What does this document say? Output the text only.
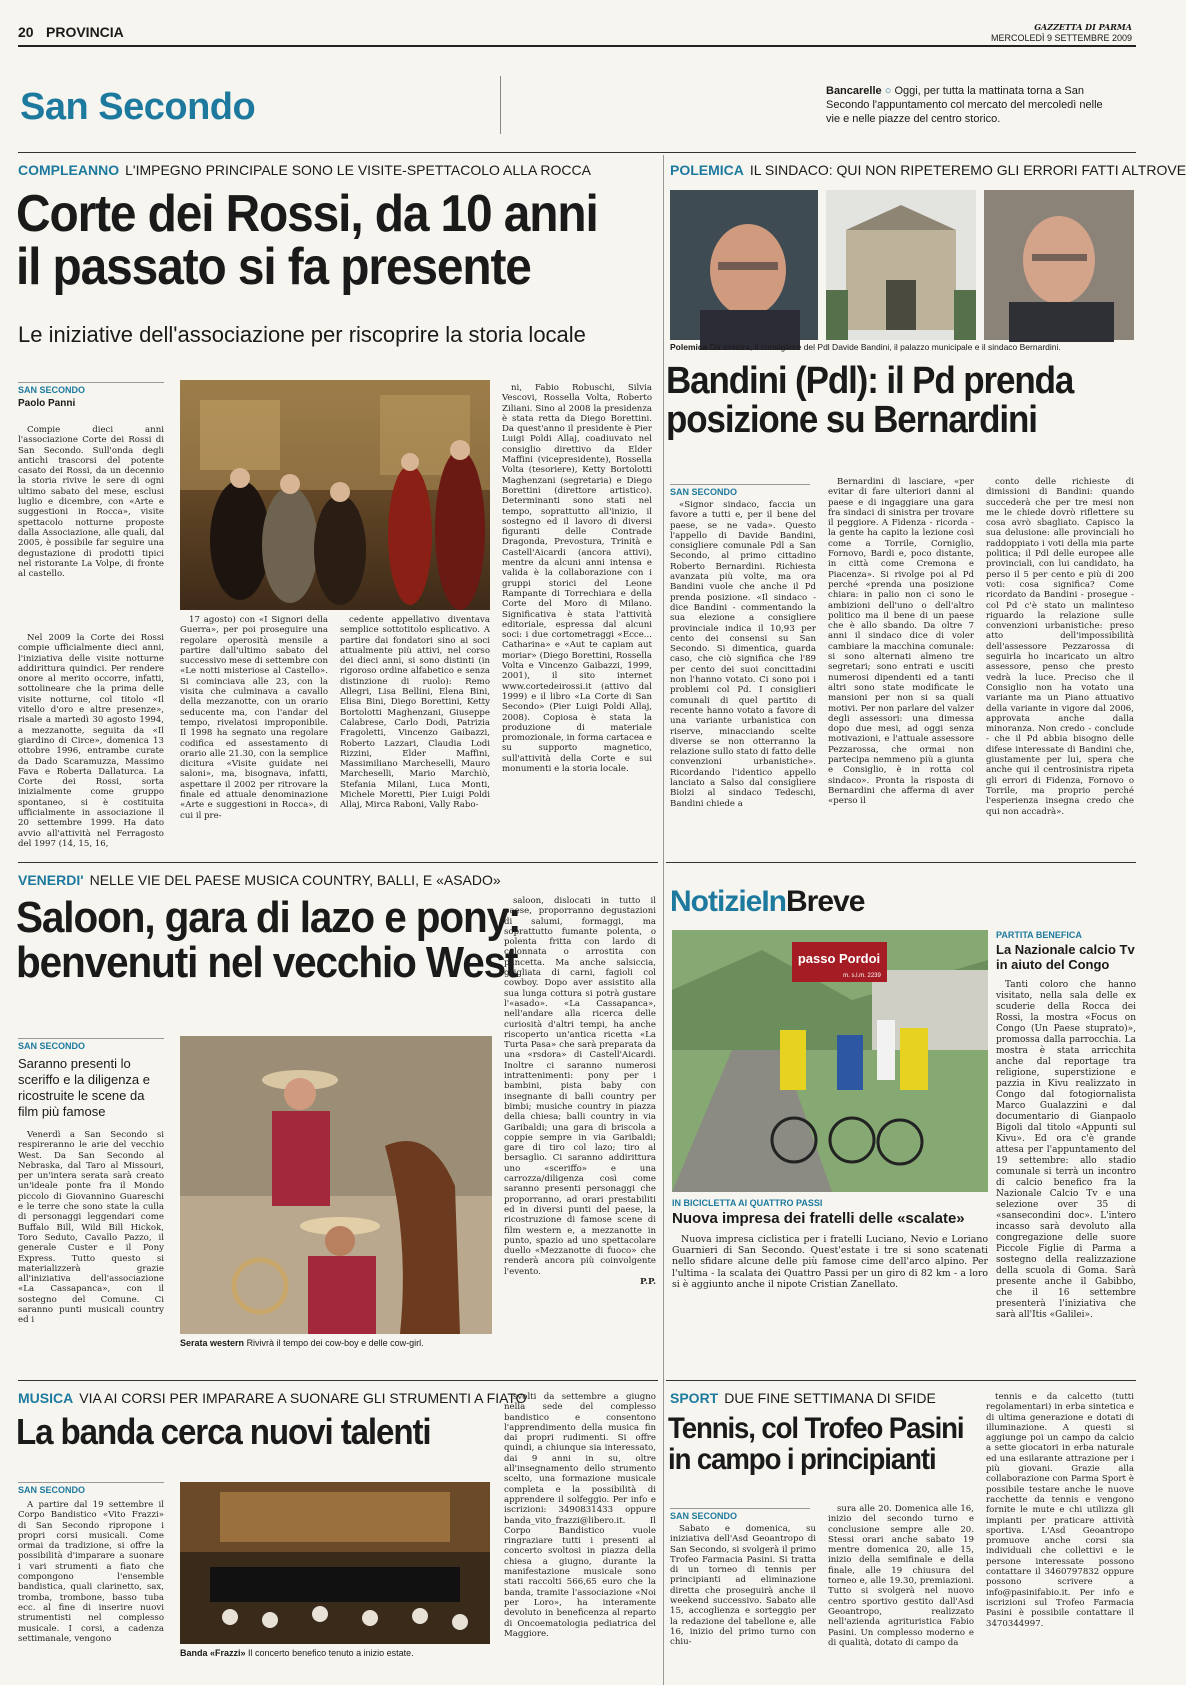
20 PROVINCIA	GAZZETTA DI PARMA
MERCOLEDÌ 9 SETTEMBRE 2009
San Secondo	Bancarelle ○ Oggi, per tutta la mattinata torna a San Secondo l'appuntamento col mercato del mercoledì nelle vie e nelle piazze del centro storico.
COMPLEANNO L'IMPEGNO PRINCIPALE SONO LE VISITE-SPETTACOLO ALLA ROCCA
Corte dei Rossi, da 10 anni
il passato si fa presente
Le iniziative dell'associazione per riscoprire la storia locale
SAN SECONDO
Paolo Panni

Compie dieci anni l'associazione Corte dei Rossi di San Secondo. Sull'onda degli antichi trascorsi del potente casato dei Rossi, da un decennio la storia rivive le sere di ogni ultimo sabato del mese, esclusi luglio e dicembre, con «Arte e suggestioni in Rocca», visite spettacolo notturne proposte dalla Associazione, alle quali, dal 2005, è possibile far seguire una degustazione di prodotti tipici nel ristorante La Volpe, di fronte al castello.

Nel 2009 la Corte dei Rossi compie ufficialmente dieci anni, l'iniziativa delle visite notturne addirittura quindici. Per rendere onore al merito occorre, infatti, sottolineare che la prima delle visite notturne, col titolo «Il vitello d'oro e altre presenze», risale a martedì 30 agosto 1994, a mezzanotte, seguita da «Il giardino di Circe», domenica 13 ottobre 1996, entrambe curate da Dado Scaramuzza, Massimo Fava e Roberta Dallaturca. La Corte dei Rossi, sorta inizialmente come gruppo spontaneo, si è costituita ufficialmente in associazione il 20 settembre 1999. Ha dato avvio all'attività nel Ferragosto del 1997 (14, 15, 16,

17 agosto) con «I Signori della Guerra», per poi proseguire una regolare operosità mensile a partire dall'ultimo sabato del successivo mese di settembre con «Le notti misteriose al Castello». Si cominciava alle 23, con la visita che culminava a cavallo della mezzanotte, con un orario seducente ma, con l'andar del tempo, rivelatosi improponibile. Il 1998 ha segnato una regolare codifica ed assestamento di orario alle 21.30, con la semplice dicitura «Visite guidate nei saloni», ma, bisognava, infatti, aspettare il 2002 per ritrovare la finale ed attuale denominazione «Arte e suggestioni in Rocca», di cui il pre-

cedente appellativo diventava semplice sottotitolo esplicativo. A partire dai fondatori sino ai soci attualmente più attivi, nel corso dei dieci anni, si sono distinti (in rigoroso ordine alfabetico e senza distinzione di ruolo): Remo Allegri, Lisa Bellini, Elena Bini, Elisa Bini, Diego Borettini, Ketty Bortolotti Maghenzani, Giuseppe Calabrese, Carlo Dodi, Patrizia Fragoletti, Vincenzo Gaibazzi, Roberto Lazzari, Claudia Lodi Rizzini, Elder Maffini, Massimiliano Marcheselli, Mauro Marcheselli, Mario Marchiò, Stefania Milani, Luca Monti, Michele Moretti, Pier Luigi Poldi Allaj, Mirca Raboni, Vally Rabo-

ni, Fabio Robuschi, Silvia Vescovi, Rossella Volta, Roberto Ziliani. Sino al 2008 la presidenza è stata retta da Diego Borettini. Da quest'anno il presidente è Pier Luigi Poldi Allaj, coadiuvato nel consiglio direttivo da Elder Maffini (vicepresidente), Rossella Volta (tesoriere), Ketty Bortolotti Maghenzani (segretaria) e Diego Borettini (direttore artistico). Determinanti sono stati nel tempo, soprattutto all'inizio, il sostegno ed il lavoro di diversi figuranti delle Contrade Dragonda, Prevostura, Trinità e Castell'Aicardi (ancora attivi), mentre da alcuni anni intensa e valida è la collaborazione con i gruppi storici del Leone Rampante di Torrechiara e della Corte del Moro di Milano. Significativa è stata l'attività editoriale, espressa dal alcuni soci: i due cortometraggi «Ecce... Catharina» e «Aut te capiam aut moriar» (Diego Borettini, Rossella Volta e Vincenzo Gaibazzi, 1999, 2001), il sito internet www.cortedeirossi.it (attivo dal 1999) e il libro «La Corte di San Secondo» (Pier Luigi Poldi Allaj, 2008). Copiosa è stata la produzione di materiale promozionale, in forma cartacea e su supporto magnetico, sull'attività della Corte e sui monumenti e la storia locale.

POLEMICA IL SINDACO: QUI NON RIPETEREMO GLI ERRORI FATTI ALTROVE
Polemica Da sinistra, il consigliere del Pdl Davide Bandini, il palazzo municipale e il sindaco Bernardini.
Bandini (Pdl): il Pd prenda
posizione su Bernardini
SAN SECONDO

«Signor sindaco, faccia un favore a tutti e, per il bene del paese, se ne vada». Questo l'appello di Davide Bandini, consigliere comunale Pdl a San Secondo, al primo cittadino Roberto Bernardini. Richiesta avanzata più volte, ma ora Bandini vuole che anche il Pd prenda posizione. «Il sindaco - dice Bandini - commentando la sua elezione a consigliere provinciale indica il 10,93 per cento dei consensi su San Secondo. Si dimentica, guarda caso, che ciò significa che l'89 per cento dei suoi concittadini non l'hanno votato. Ci sono poi i problemi col Pd. I consiglieri comunali di quel partito di recente hanno votato a favore di una variante urbanistica con riserve, minacciando scelte diverse se non otterranno la relazione sullo stato di fatto delle convenzioni urbanistiche». Ricordando l'identico appello lanciato a Salso dal consigliere Biolzi al sindaco Tedeschi, Bandini chiede a

Bernardini di lasciare, «per evitar di fare ulteriori danni al paese e di ingaggiare una gara fra sindaci di sinistra per trovare il peggiore. A Fidenza - ricorda - la gente ha capito la lezione così come a Torrile, Corniglio, Fornovo, Bardi e, poco distante, in città come Cremona e Piacenza». Si rivolge poi al Pd perché «prenda una posizione chiara: in palio non ci sono le ambizioni dell'uno o dell'altro politico ma il bene di un paese che è allo sbando. Da oltre 7 anni il sindaco dice di voler cambiare la macchina comunale: si sono alternati almeno tre segretari; sono entrati e usciti numerosi dipendenti ed a tanti altri sono state modificate le mansioni per non si sa quali motivi. Per non parlare del valzer degli assessori: una dimessa dopo due mesi, ad oggi senza motivazioni, e l'attuale assessore Pezzarossa, che ormai non partecipa nemmeno più a giunta e Consiglio, è in rotta col sindaco». Pronta la risposta di Bernardini che afferma di aver «perso il

conto delle richieste di dimissioni di Bandini: quando succederà che per tre mesi non me le chiede dovrò riflettere su cosa avrò sbagliato. Capisco la sua delusione: alle provinciali ho raddoppiato i voti della mia parte politica; il Pdl delle europee alle provinciali, con lui candidato, ha perso il 5 per cento e più di 200 voti: cosa significa? Come ricordato da Bandini - prosegue - col Pd c'è stato un malinteso riguardo la relazione sulle convenzioni urbanistiche: preso atto dell'impossibilità dell'assessore Pezzarossa di seguirla ho incaricato un altro assessore, penso che presto vedrà la luce. Preciso che il Consiglio non ha votato una variante ma un Piano attuativo della variante in vigore dal 2006, approvata anche dalla minoranza. Non credo - conclude - che il Pd abbia bisogno delle difese interessate di Bandini che, giustamente per lui, spera che anche qui il centrosinistra ripeta gli errori di Fidenza, Fornovo o Torrile, ma proprio perché l'esperienza insegna credo che qui non accadrà».

VENERDI' NELLE VIE DEL PAESE MUSICA COUNTRY, BALLI, E «ASADO»
Saloon, gara di lazo e pony:
benvenuti nel vecchio West
SAN SECONDO
Saranno presenti lo sceriffo e la diligenza e ricostruite le scene da film più famose

Venerdì a San Secondo si respireranno le arie del vecchio West. Da San Secondo al Nebraska, dal Taro al Missouri, per un'intera serata sarà creato un'ideale ponte fra il Mondo piccolo di Giovannino Guareschi e le terre che sono state la culla di personaggi leggendari come Buffalo Bill, Wild Bill Hickok, Toro Seduto, Cavallo Pazzo, il generale Custer e il Pony Express. Tutto questo si materializzerà grazie all'iniziativa dell'associazione «La Cassapanca», con il sostegno del Comune. Ci saranno punti musicali country ed i

Serata western Rivivrà il tempo dei cow-boy e delle cow-girl.

saloon, dislocati in tutto il paese, proporranno degustazioni di salumi, formaggi, ma soprattutto fumante polenta, o polenta fritta con lardo di colonnata o arrostita con pancetta. Ma anche salsiccia, grigliata di carni, fagioli col cowboy. Dopo aver assistito alla sua lunga cottura si potrà gustare l'«asado». «La Cassapanca», nell'andare alla ricerca delle curiosità d'altri tempi, ha anche riscoperto un'antica ricetta «La Turta Pasa» che sarà preparata da una «rsdora» di Castell'Aicardi. Inoltre ci saranno numerosi intrattenimenti: pony per i bambini, pista baby con insegnante di balli country per bimbi; musiche country in piazza della chiesa; balli country in via Garibaldi; una gara di briscola a coppie sempre in via Garibaldi; gare di tiro col lazo; tiro al bersaglio. Ci saranno addirittura uno «sceriffo» e una carrozza/diligenza così come saranno presenti personaggi che proporranno, ad orari prestabiliti ed in diversi punti del paese, la ricostruzione di famose scene di film western e, a mezzanotte in punto, spazio ad uno spettacolare duello «Mezzanotte di fuoco» che renderà ancora più coinvolgente l'evento.

P.P.
NotizieInBreve
passo Pordoi
m. s.l.m. 2239
IN BICICLETTA AI QUATTRO PASSI
Nuova impresa dei fratelli delle «scalate»

Nuova impresa ciclistica per i fratelli Luciano, Nevio e Loriano Guarnieri di San Secondo. Quest'estate i tre si sono scatenati nello sfidare alcune delle più famose cime dell'arco alpino. Per l'ultima - la scalata dei Quattro Passi per un giro di 82 km - a loro si è aggiunto anche il nipote Cristian Zanellato.

PARTITA BENEFICA
La Nazionale calcio Tv in aiuto del Congo

Tanti coloro che hanno visitato, nella sala delle ex scuderie della Rocca dei Rossi, la mostra «Focus on Congo (Un Paese stuprato)», promossa dalla parrocchia. La mostra è stata arricchita anche dal reportage tra religione, superstizione e pazzia in Kivu realizzato in Congo dal fotogiornalista Marco Gualazzini e dal documentario di Gianpaolo Bigoli dal titolo «Appunti sul Kivu». Ed ora c'è grande attesa per l'appuntamento del 19 settembre: allo stadio comunale si terrà un incontro di calcio benefico fra la Nazionale Calcio Tv e una selezione over 35 di «sansecondini doc». L'intero incasso sarà devoluto alla congregazione delle suore Piccole Figlie di Parma a sostegno della realizzazione della scuola di Goma. Sarà presente anche il Gabibbo, che il 16 settembre presenterà l'iniziativa che sarà all'Itis «Galilei».

MUSICA VIA AI CORSI PER IMPARARE A SUONARE GLI STRUMENTI A FIATO
La banda cerca nuovi talenti
SAN SECONDO

A partire dal 19 settembre il Corpo Bandistico «Vito Frazzi» di San Secondo ripropone i propri corsi musicali. Come ormai da tradizione, si offre la possibilità d'imparare a suonare i vari strumenti a fiato che compongono l'ensemble bandistica, quali clarinetto, sax, tromba, trombone, basso tuba ecc. al fine di inserire nuovi strumentisti nel complesso musicale. I corsi, a cadenza settimanale, vengono

Banda «Frazzi» Il concerto benefico tenuto a inizio estate.

svolti da settembre a giugno nella sede del complesso bandistico e consentono l'apprendimento della musica fin dai propri rudimenti. Si offre quindi, a chiunque sia interessato, dai 9 anni in su, oltre all'insegnamento dello strumento scelto, una formazione musicale completa e la possibilità di apprendere il solfeggio. Per info e iscrizioni: 3490831433 oppure banda_vito_frazzi@libero.it. Il Corpo Bandistico vuole ringraziare tutti i presenti al concerto svoltosi in piazza della chiesa a giugno, durante la manifestazione musicale sono stati raccolti 566,65 euro che la banda, tramite l'associazione «Noi per Loro», ha interamente devoluto in beneficenza al reparto di Oncoematologia pediatrica del Maggiore.

SPORT DUE FINE SETTIMANA DI SFIDE
Tennis, col Trofeo Pasini
in campo i principianti
SAN SECONDO

Sabato e domenica, su iniziativa dell'Asd Geoantropo di San Secondo, si svolgerà il primo Trofeo Farmacia Pasini. Si tratta di un torneo di tennis per principianti ad eliminazione diretta che proseguirà anche il weekend successivo. Sabato alle 15, accoglienza e sorteggio per la redazione del tabellone e, alle 16, inizio del primo turno con chiu-

sura alle 20. Domenica alle 16, inizio del secondo turno e conclusione sempre alle 20. Stessi orari anche sabato 19 mentre domenica 20, alle 15, inizio della semifinale e della finale, alle 19 chiusura del torneo e, alle 19.30, premiazioni. Tutto si svolgerà nel nuovo centro sportivo gestito dall'Asd Geoantropo, realizzato nell'azienda agrituristica Fabio Pasini. Un complesso moderno e di qualità, dotato di campo da

tennis e da calcetto (tutti regolamentari) in erba sintetica e di ultima generazione e dotati di illuminazione. A questi si aggiunge poi un campo da calcio a sette giocatori in erba naturale ed una esilarante attrazione per i più giovani. Grazie alla collaborazione con Parma Sport è possibile testare anche le nuove racchette da tennis e vengono fornite le mute e chi utilizza gli impianti per praticare attività sportiva. L'Asd Geoantropo promuove anche corsi sia individuali che collettivi e le persone interessate possono contattare il 3460797832 oppure possono scrivere a info@pasinifabio.it. Per info e iscrizioni sul Trofeo Farmacia Pasini è possibile contattare il 3470344997.
